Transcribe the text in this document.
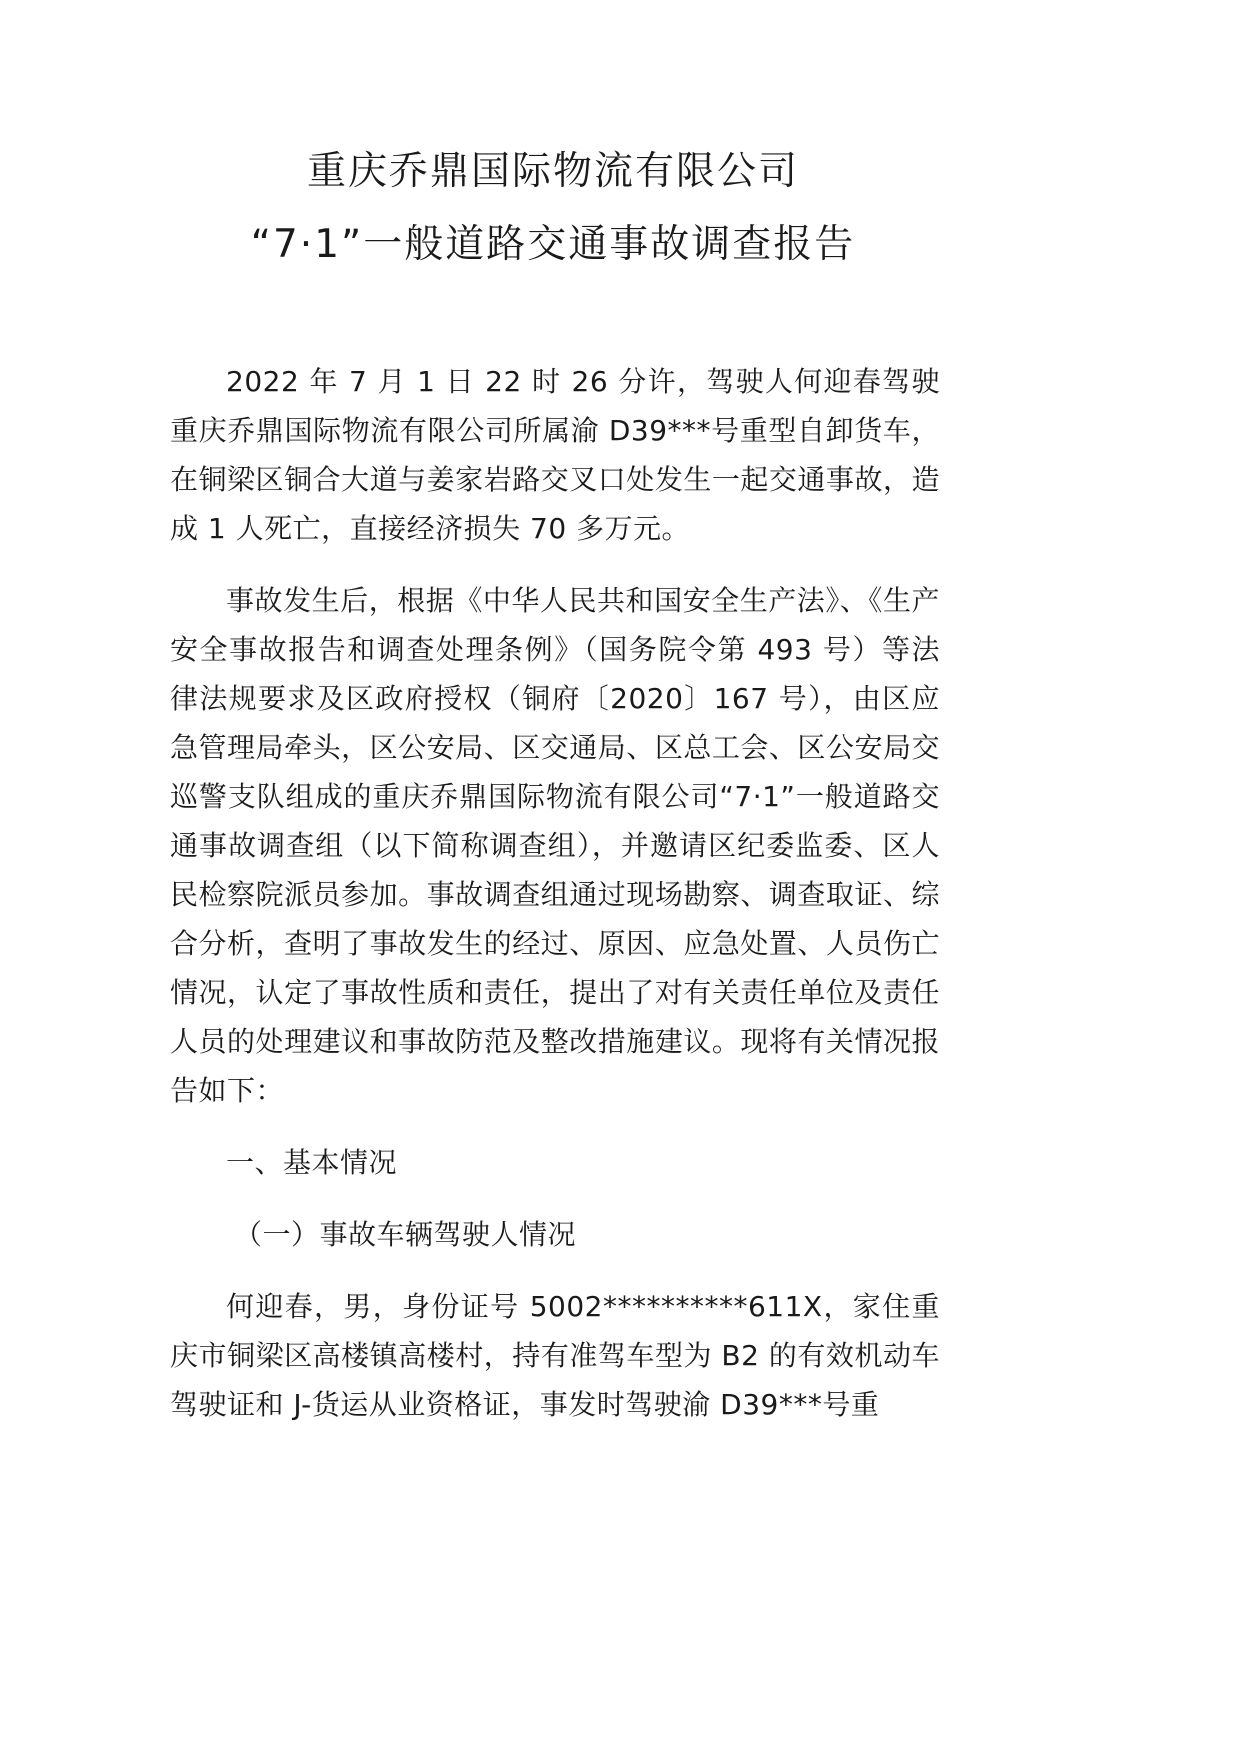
重庆乔鼎国际物流有限公司
“7·1”一般道路交通事故调查报告

2022 年 7 月 1 日 22 时 26 分许，驾驶人何迎春驾驶重庆乔鼎国际物流有限公司所属渝 D39***号重型自卸货车，在铜梁区铜合大道与姜家岩路交叉口处发生一起交通事故，造成 1 人死亡，直接经济损失 70 多万元。

事故发生后，根据《中华人民共和国安全生产法》、《生产安全事故报告和调查处理条例》（国务院令第 493 号）等法律法规要求及区政府授权（铜府〔2020〕167 号），由区应急管理局牵头，区公安局、区交通局、区总工会、区公安局交巡警支队组成的重庆乔鼎国际物流有限公司“7·1”一般道路交通事故调查组（以下简称调查组），并邀请区纪委监委、区人民检察院派员参加。事故调查组通过现场勘察、调查取证、综合分析，查明了事故发生的经过、原因、应急处置、人员伤亡情况，认定了事故性质和责任，提出了对有关责任单位及责任人员的处理建议和事故防范及整改措施建议。现将有关情况报告如下：

一、基本情况

（一）事故车辆驾驶人情况

何迎春，男，身份证号 5002**********611X，家住重庆市铜梁区高楼镇高楼村，持有准驾车型为 B2 的有效机动车驾驶证和 J-货运从业资格证，事发时驾驶渝 D39***号重
